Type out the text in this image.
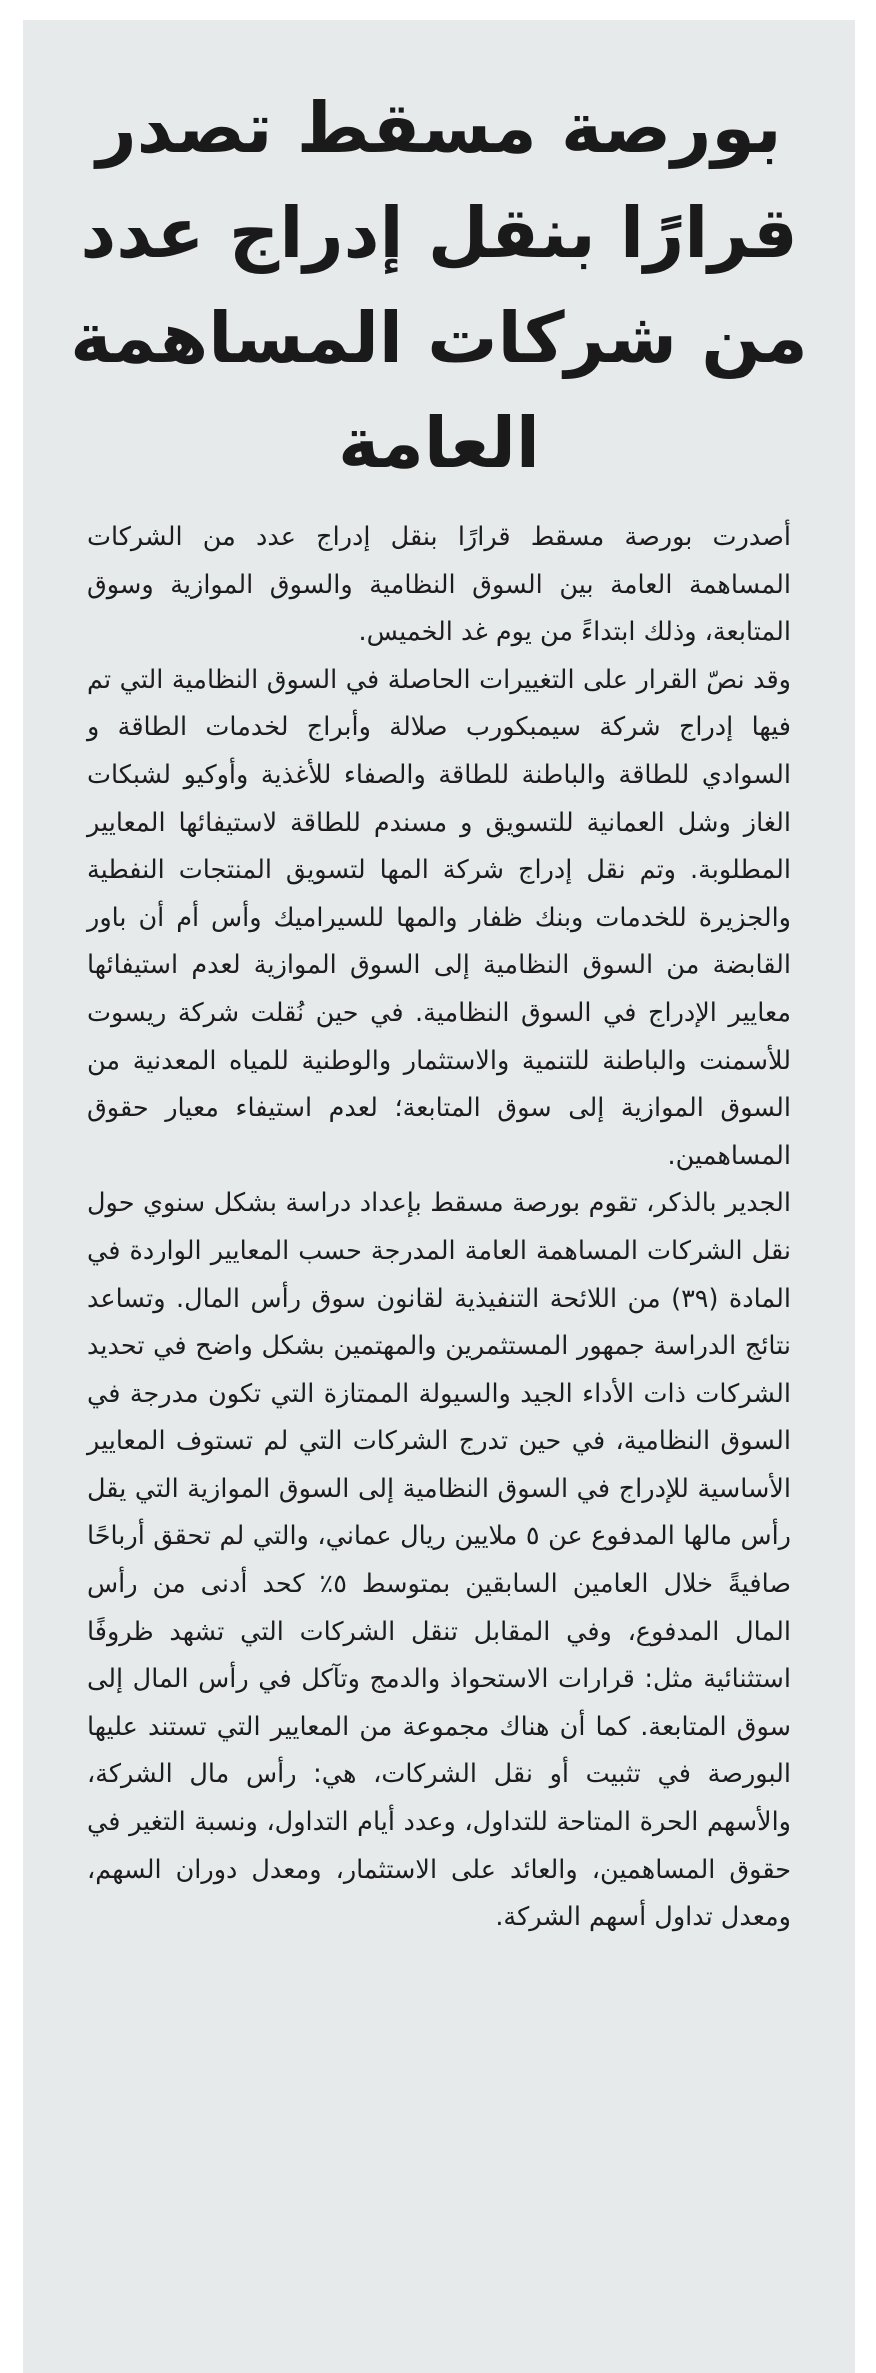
بورصة مسقط تصدر قرارًا بنقل إدراج عدد من شركات المساهمة العامة

أصدرت بورصة مسقط قرارًا بنقل إدراج عدد من الشركات المساهمة العامة بين السوق النظامية والسوق الموازية وسوق المتابعة، وذلك ابتداءً من يوم غد الخميس.

وقد نصّ القرار على التغييرات الحاصلة في السوق النظامية التي تم فيها إدراج شركة سيمبكورب صلالة وأبراج لخدمات الطاقة و السوادي للطاقة والباطنة للطاقة والصفاء للأغذية وأوكيو لشبكات الغاز وشل العمانية للتسويق و مسندم للطاقة لاستيفائها المعايير المطلوبة. وتم نقل إدراج شركة المها لتسويق المنتجات النفطية والجزيرة للخدمات وبنك ظفار والمها للسيراميك وأس أم أن باور القابضة من السوق النظامية إلى السوق الموازية لعدم استيفائها معايير الإدراج في السوق النظامية. في حين نُقلت شركة ريسوت للأسمنت والباطنة للتنمية والاستثمار والوطنية للمياه المعدنية من السوق الموازية إلى سوق المتابعة؛ لعدم استيفاء معيار حقوق المساهمين.

الجدير بالذكر، تقوم بورصة مسقط بإعداد دراسة بشكل سنوي حول نقل الشركات المساهمة العامة المدرجة حسب المعايير الواردة في المادة (٣٩) من اللائحة التنفيذية لقانون سوق رأس المال. وتساعد نتائج الدراسة جمهور المستثمرين والمهتمين بشكل واضح في تحديد الشركات ذات الأداء الجيد والسيولة الممتازة التي تكون مدرجة في السوق النظامية، في حين تدرج الشركات التي لم تستوف المعايير الأساسية للإدراج في السوق النظامية إلى السوق الموازية التي يقل رأس مالها المدفوع عن ٥ ملايين ريال عماني، والتي لم تحقق أرباحًا صافيةً خلال العامين السابقين بمتوسط ٥٪ كحد أدنى من رأس المال المدفوع، وفي المقابل تنقل الشركات التي تشهد ظروفًا استثنائية مثل: قرارات الاستحواذ والدمج وتآكل في رأس المال إلى سوق المتابعة. كما أن هناك مجموعة من المعايير التي تستند عليها البورصة في تثبيت أو نقل الشركات، هي: رأس مال الشركة، والأسهم الحرة المتاحة للتداول، وعدد أيام التداول، ونسبة التغير في حقوق المساهمين، والعائد على الاستثمار، ومعدل دوران السهم، ومعدل تداول أسهم الشركة.
